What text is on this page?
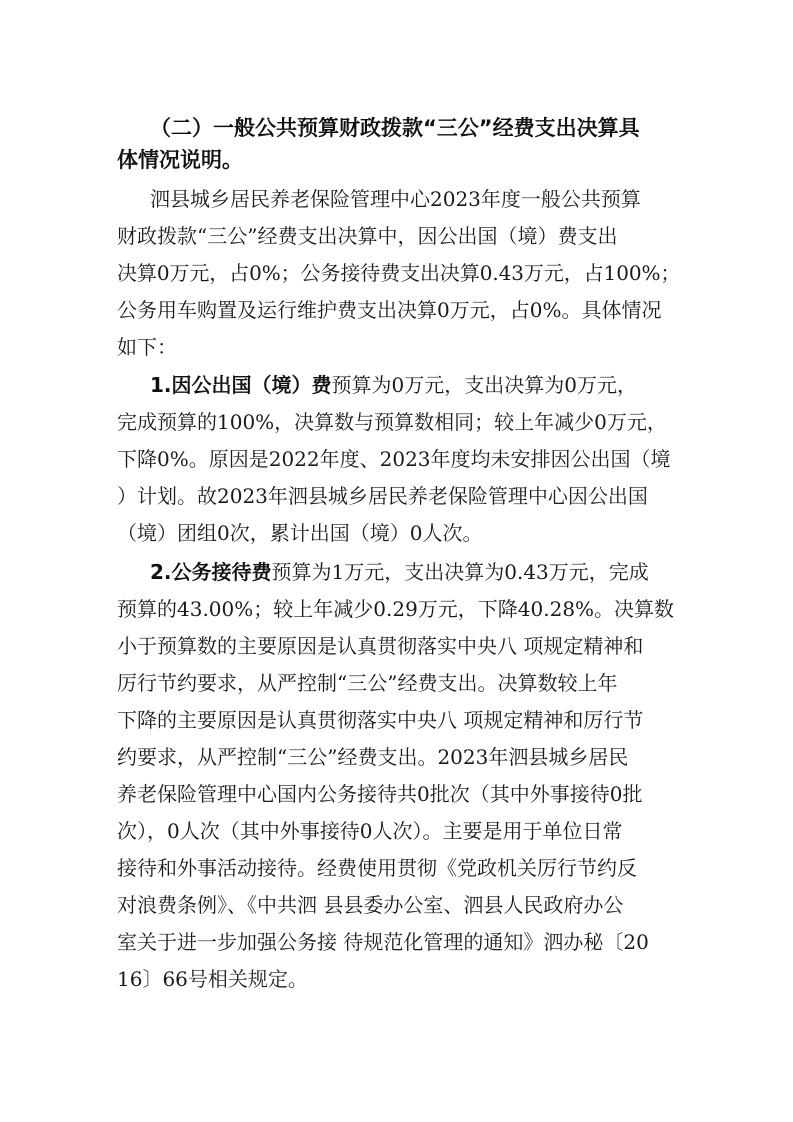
（二）一般公共预算财政拨款“三公”经费支出决算具
体情况说明。
泗县城乡居民养老保险管理中心2023年度一般公共预算
财政拨款“三公”经费支出决算中，因公出国（境）费支出
决算0万元，占0%；公务接待费支出决算0.43万元，占100%；
公务用车购置及运行维护费支出决算0万元，占0%。具体情况
如下：
1.因公出国（境）费预算为0万元，支出决算为0万元，
完成预算的100%，决算数与预算数相同；较上年减少0万元，
下降0%。原因是2022年度、2023年度均未安排因公出国（境
）计划。故2023年泗县城乡居民养老保险管理中心因公出国
（境）团组0次，累计出国（境）0人次。
2.公务接待费预算为1万元，支出决算为0.43万元，完成
预算的43.00%；较上年减少0.29万元，下降40.28%。决算数
小于预算数的主要原因是认真贯彻落实中央八 项规定精神和
厉行节约要求，从严控制“三公”经费支出。决算数较上年
下降的主要原因是认真贯彻落实中央八 项规定精神和厉行节
约要求，从严控制“三公”经费支出。2023年泗县城乡居民
养老保险管理中心国内公务接待共0批次（其中外事接待0批
次），0人次（其中外事接待0人次）。主要是用于单位日常
接待和外事活动接待。经费使用贯彻《党政机关厉行节约反
对浪费条例》、《中共泗 县县委办公室、泗县人民政府办公
室关于进一步加强公务接 待规范化管理的通知》泗办秘〔20
16〕66号相关规定。
